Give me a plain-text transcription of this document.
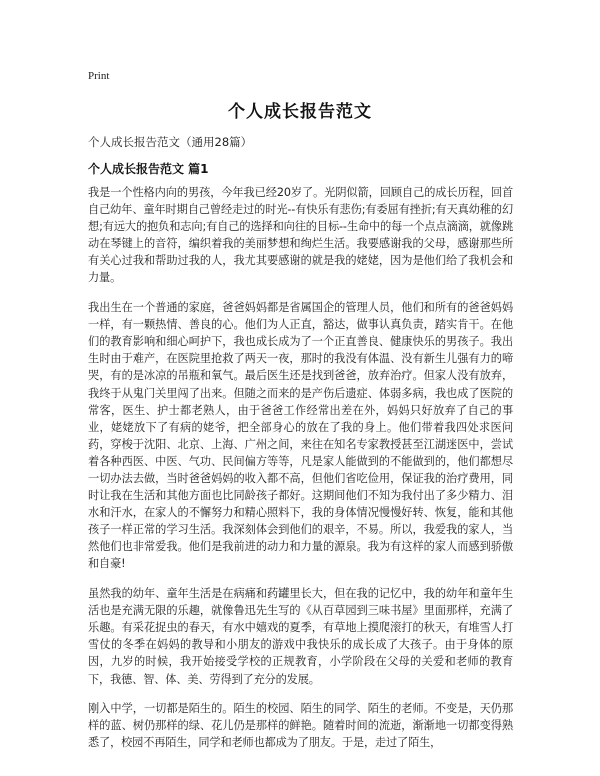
Print
个人成长报告范文
个人成长报告范文（通用28篇）
个人成长报告范文 篇1

我是一个性格内向的男孩，今年我已经20岁了。光阴似箭，回顾自己的成长历程，回首自己幼年、童年时期自己曾经走过的时光--有快乐有悲伤;有委屈有挫折;有天真幼稚的幻想;有远大的抱负和志向;有自己的选择和向往的目标--生命中的每一个点点滴滴，就像跳动在琴键上的音符，编织着我的美丽梦想和绚烂生活。我要感谢我的父母，感谢那些所有关心过我和帮助过我的人，我尤其要感谢的就是我的姥姥，因为是他们给了我机会和力量。

我出生在一个普通的家庭，爸爸妈妈都是省属国企的管理人员，他们和所有的爸爸妈妈一样，有一颗热情、善良的心。他们为人正直，豁达，做事认真负责，踏实肯干。在他们的教育影响和细心呵护下，我也成长成为了一个正直善良、健康快乐的男孩子。我出生时由于难产，在医院里抢救了两天一夜，那时的我没有体温、没有新生儿强有力的啼哭，有的是冰凉的吊瓶和氧气。最后医生还是找到爸爸，放弃治疗。但家人没有放弃，我终于从鬼门关里闯了出来。但随之而来的是产伤后遗症、体弱多病，我也成了医院的常客，医生、护士都老熟人，由于爸爸工作经常出差在外，妈妈只好放弃了自己的事业，姥姥放下了有病的姥爷，把全部身心的放在了我的身上。他们带着我四处求医问药，穿梭于沈阳、北京、上海、广州之间，来往在知名专家教授甚至江湖迷医中，尝试着各种西医、中医、气功、民间偏方等等，凡是家人能做到的不能做到的，他们都想尽一切办法去做，当时爸爸妈妈的收入都不高，但他们省吃俭用，保证我的治疗费用，同时让我在生活和其他方面也比同龄孩子都好。这期间他们不知为我付出了多少精力、泪水和汗水，在家人的不懈努力和精心照料下，我的身体情况慢慢好转、恢复，能和其他孩子一样正常的学习生活。我深刻体会到他们的艰辛，不易。所以，我爱我的家人，当然他们也非常爱我。他们是我前进的动力和力量的源泉。我为有这样的家人而感到骄傲和自豪!

虽然我的幼年、童年生活是在病痛和药罐里长大，但在我的记忆中，我的幼年和童年生活也是充满无限的乐趣，就像鲁迅先生写的《从百草园到三味书屋》里面那样，充满了乐趣。有采花捉虫的春天，有水中嬉戏的夏季，有草地上摸爬滚打的秋天，有堆雪人打雪仗的冬季在妈妈的教导和小朋友的游戏中我快乐的成长成了大孩子。由于身体的原因，九岁的时候，我开始接受学校的正规教育，小学阶段在父母的关爱和老师的教育下，我德、智、体、美、劳得到了充分的发展。

刚入中学，一切都是陌生的。陌生的校园、陌生的同学、陌生的老师。不变是，天仍那样的蓝、树仍那样的绿、花儿仍是那样的鲜艳。随着时间的流逝，渐渐地一切都变得熟悉了，校园不再陌生，同学和老师也都成为了朋友。于是，走过了陌生，
